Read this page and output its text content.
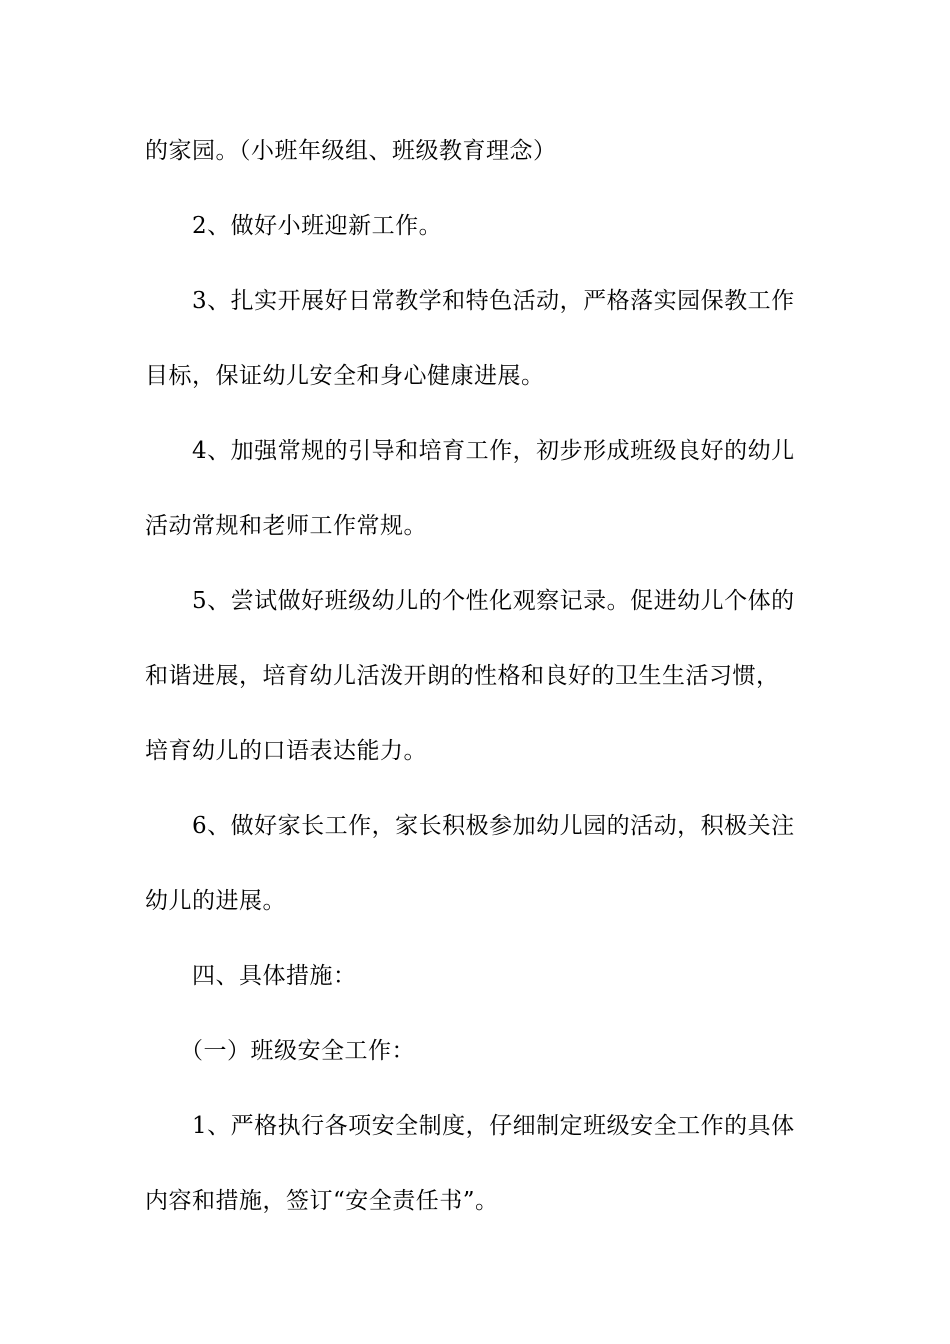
的家园。（小班年级组、班级教育理念）
2、做好小班迎新工作。
3、扎实开展好日常教学和特色活动，严格落实园保教工作
目标，保证幼儿安全和身心健康进展。
4、加强常规的引导和培育工作，初步形成班级良好的幼儿
活动常规和老师工作常规。
5、尝试做好班级幼儿的个性化观察记录。促进幼儿个体的
和谐进展，培育幼儿活泼开朗的性格和良好的卫生生活习惯，
培育幼儿的口语表达能力。
6、做好家长工作，家长积极参加幼儿园的活动，积极关注
幼儿的进展。
四、具体措施：
（一）班级安全工作：
1、严格执行各项安全制度，仔细制定班级安全工作的具体
内容和措施，签订“安全责任书”。
